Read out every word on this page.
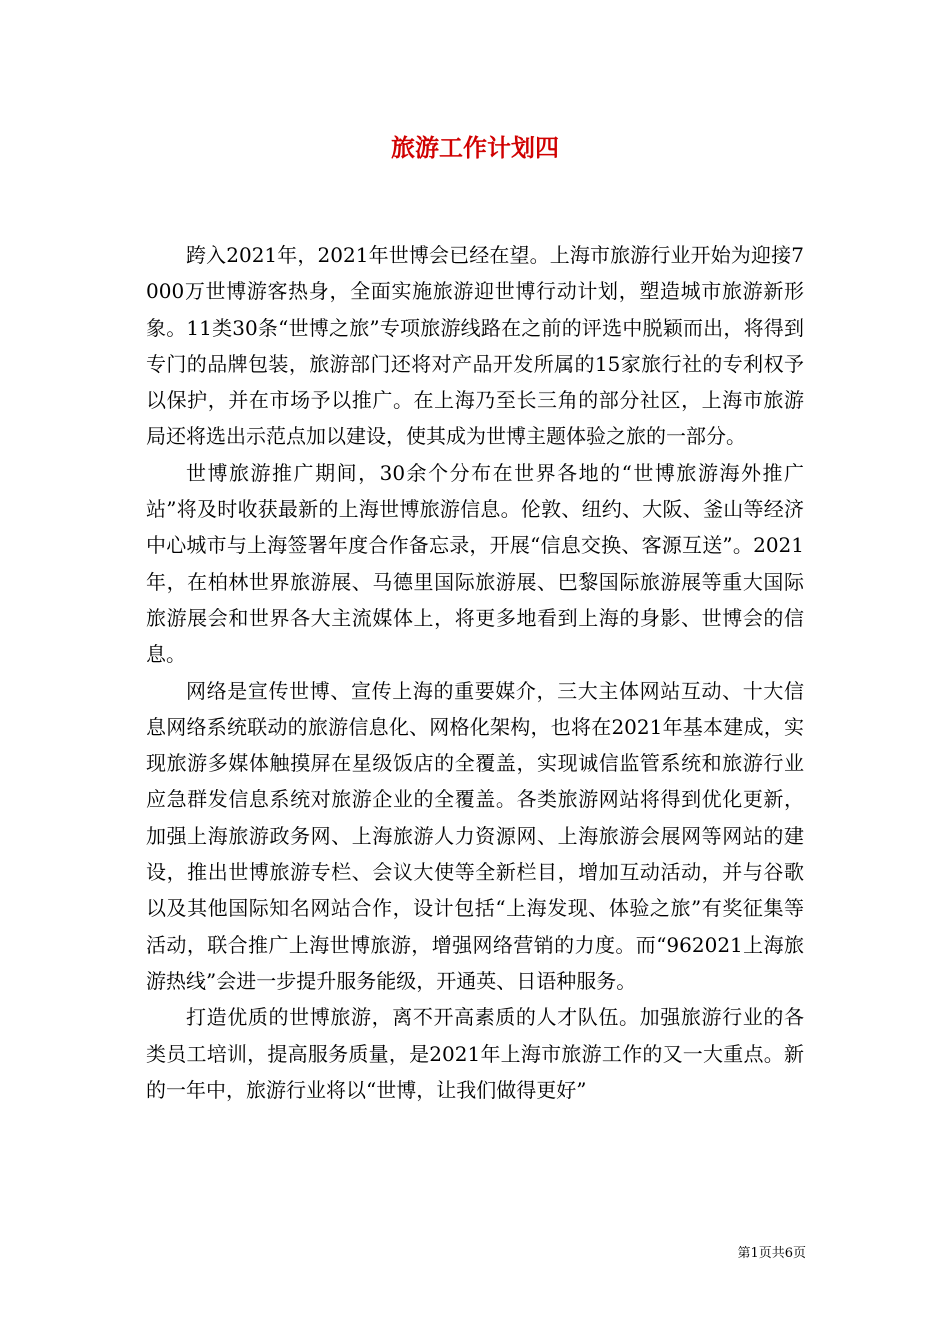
旅游工作计划四

跨入2021年，2021年世博会已经在望。上海市旅游行业开始为迎接7000万世博游客热身，全面实施旅游迎世博行动计划，塑造城市旅游新形象。11类30条“世博之旅”专项旅游线路在之前的评选中脱颖而出，将得到专门的品牌包装，旅游部门还将对产品开发所属的15家旅行社的专利权予以保护，并在市场予以推广。在上海乃至长三角的部分社区，上海市旅游局还将选出示范点加以建设，使其成为世博主题体验之旅的一部分。

世博旅游推广期间，30余个分布在世界各地的“世博旅游海外推广站”将及时收获最新的上海世博旅游信息。伦敦、纽约、大阪、釜山等经济中心城市与上海签署年度合作备忘录，开展“信息交换、客源互送”。2021年，在柏林世界旅游展、马德里国际旅游展、巴黎国际旅游展等重大国际旅游展会和世界各大主流媒体上，将更多地看到上海的身影、世博会的信息。

网络是宣传世博、宣传上海的重要媒介，三大主体网站互动、十大信息网络系统联动的旅游信息化、网格化架构，也将在2021年基本建成，实现旅游多媒体触摸屏在星级饭店的全覆盖，实现诚信监管系统和旅游行业应急群发信息系统对旅游企业的全覆盖。各类旅游网站将得到优化更新，加强上海旅游政务网、上海旅游人力资源网、上海旅游会展网等网站的建设，推出世博旅游专栏、会议大使等全新栏目，增加互动活动，并与谷歌以及其他国际知名网站合作，设计包括“上海发现、体验之旅”有奖征集等活动，联合推广上海世博旅游，增强网络营销的力度。而“962021上海旅游热线”会进一步提升服务能级，开通英、日语种服务。

打造优质的世博旅游，离不开高素质的人才队伍。加强旅游行业的各类员工培训，提高服务质量，是2021年上海市旅游工作的又一大重点。新的一年中，旅游行业将以“世博，让我们做得更好”

第1页共6页
